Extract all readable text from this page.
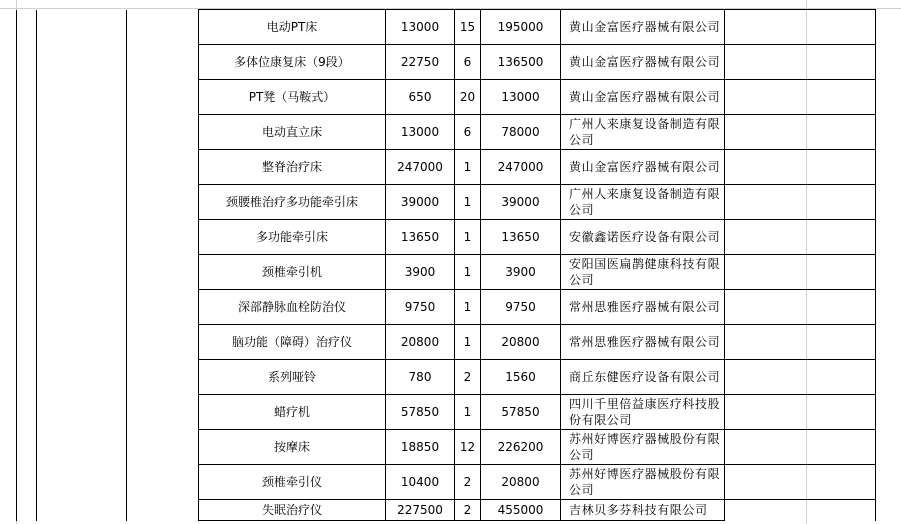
			电动PT床	13000	15	195000	黄山金富医疗器械有限公司	
			多体位康复床（9段）	22750	6	136500	黄山金富医疗器械有限公司	
			PT凳（马鞍式）	650	20	13000	黄山金富医疗器械有限公司	
			电动直立床	13000	6	78000	广州人来康复设备制造有限公司	
			整脊治疗床	247000	1	247000	黄山金富医疗器械有限公司	
			颈腰椎治疗多功能牵引床	39000	1	39000	广州人来康复设备制造有限公司	
			多功能牵引床	13650	1	13650	安徽鑫诺医疗设备有限公司	
			颈椎牵引机	3900	1	3900	安阳国医扁鹊健康科技有限公司	
			深部静脉血栓防治仪	9750	1	9750	常州思雅医疗器械有限公司	
			脑功能（障碍）治疗仪	20800	1	20800	常州思雅医疗器械有限公司	
			系列哑铃	780	2	1560	商丘东健医疗设备有限公司	
			蜡疗机	57850	1	57850	四川千里倍益康医疗科技股份有限公司	
			按摩床	18850	12	226200	苏州好博医疗器械股份有限公司	
			颈椎牵引仪	10400	2	20800	苏州好博医疗器械股份有限公司	
			失眠治疗仪	227500	2	455000	吉林贝多芬科技有限公司	
